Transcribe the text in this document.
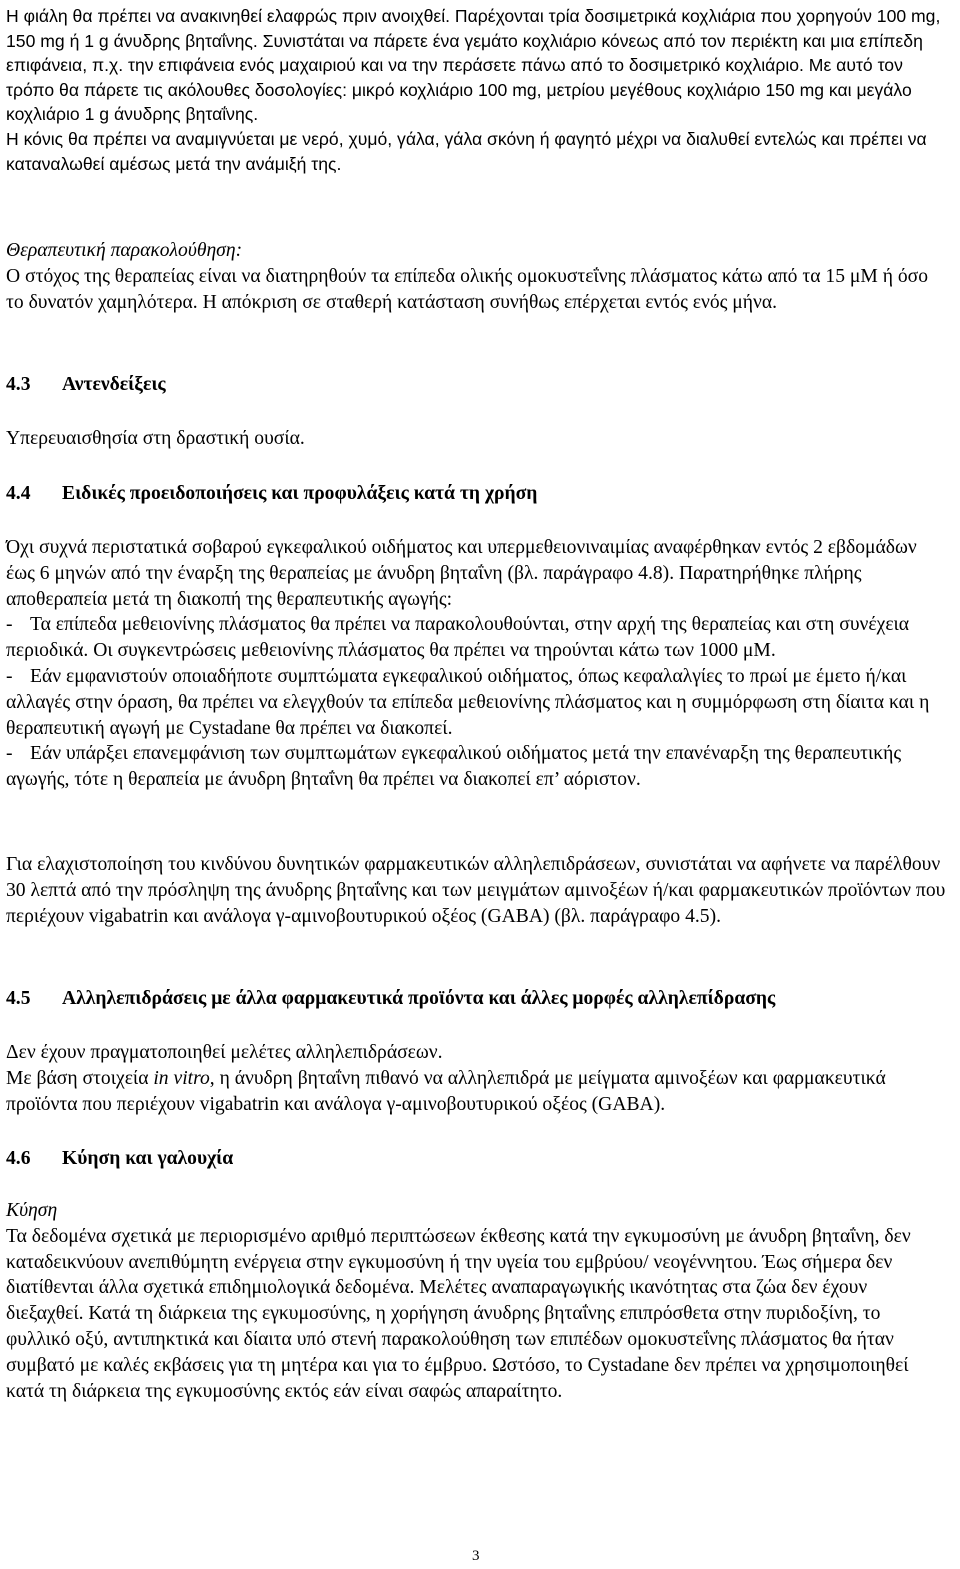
Η φιάλη θα πρέπει να ανακινηθεί ελαφρώς πριν ανοιχθεί. Παρέχονται τρία δοσιμετρικά κοχλιάρια που χορηγούν 100 mg, 150 mg ή 1 g άνυδρης βηταΐνης. Συνιστάται να πάρετε ένα γεμάτο κοχλιάριο κόνεως από τον περιέκτη και μια επίπεδη επιφάνεια, π.χ. την επιφάνεια ενός μαχαιριού και να την περάσετε πάνω από το δοσιμετρικό κοχλιάριο. Με αυτό τον τρόπο θα πάρετε τις ακόλουθες δοσολογίες: μικρό κοχλιάριο 100 mg, μετρίου μεγέθους κοχλιάριο 150 mg και μεγάλο κοχλιάριο 1 g άνυδρης βηταΐνης.

Η κόνις θα πρέπει να αναμιγνύεται με νερό, χυμό, γάλα, γάλα σκόνη ή φαγητό μέχρι να διαλυθεί εντελώς και πρέπει να καταναλωθεί αμέσως μετά την ανάμιξή της.

Θεραπευτική παρακολούθηση:

Ο στόχος της θεραπείας είναι να διατηρηθούν τα επίπεδα ολικής ομοκυστεΐνης πλάσματος κάτω από τα 15 μΜ ή όσο το δυνατόν χαμηλότερα. Η απόκριση σε σταθερή κατάσταση συνήθως επέρχεται εντός ενός μήνα.

4.3 Αντενδείξεις

Υπερευαισθησία στη δραστική ουσία.

4.4 Ειδικές προειδοποιήσεις και προφυλάξεις κατά τη χρήση

Όχι συχνά περιστατικά σοβαρού εγκεφαλικού οιδήματος και υπερμεθειονιναιμίας αναφέρθηκαν εντός 2 εβδομάδων έως 6 μηνών από την έναρξη της θεραπείας με άνυδρη βηταΐνη (βλ. παράγραφο 4.8). Παρατηρήθηκε πλήρης αποθεραπεία μετά τη διακοπή της θεραπευτικής αγωγής:

- Τα επίπεδα μεθειονίνης πλάσματος θα πρέπει να παρακολουθούνται, στην αρχή της θεραπείας και στη συνέχεια περιοδικά. Οι συγκεντρώσεις μεθειονίνης πλάσματος θα πρέπει να τηρούνται κάτω των 1000 μΜ.

- Εάν εμφανιστούν οποιαδήποτε συμπτώματα εγκεφαλικού οιδήματος, όπως κεφαλαλγίες το πρωί με έμετο ή/και αλλαγές στην όραση, θα πρέπει να ελεγχθούν τα επίπεδα μεθειονίνης πλάσματος και η συμμόρφωση στη δίαιτα και η θεραπευτική αγωγή με Cystadane θα πρέπει να διακοπεί.

- Εάν υπάρξει επανεμφάνιση των συμπτωμάτων εγκεφαλικού οιδήματος μετά την επανέναρξη της θεραπευτικής αγωγής, τότε η θεραπεία με άνυδρη βηταΐνη θα πρέπει να διακοπεί επ’ αόριστον.

Για ελαχιστοποίηση του κινδύνου δυνητικών φαρμακευτικών αλληλεπιδράσεων, συνιστάται να αφήνετε να παρέλθουν 30 λεπτά από την πρόσληψη της άνυδρης βηταΐνης και των μειγμάτων αμινοξέων ή/και φαρμακευτικών προϊόντων που περιέχουν vigabatrin και ανάλογα γ-αμινοβουτυρικού οξέος (GABA) (βλ. παράγραφο 4.5).

4.5 Αλληλεπιδράσεις με άλλα φαρμακευτικά προϊόντα και άλλες μορφές αλληλεπίδρασης

Δεν έχουν πραγματοποιηθεί μελέτες αλληλεπιδράσεων.

Με βάση στοιχεία in vitro, η άνυδρη βηταΐνη πιθανό να αλληλεπιδρά με μείγματα αμινοξέων και φαρμακευτικά προϊόντα που περιέχουν vigabatrin και ανάλογα γ-αμινοβουτυρικού οξέος (GABA).

4.6 Κύηση και γαλουχία

Κύηση

Τα δεδομένα σχετικά με περιορισμένο αριθμό περιπτώσεων έκθεσης κατά την εγκυμοσύνη με άνυδρη βηταΐνη, δεν καταδεικνύουν ανεπιθύμητη ενέργεια στην εγκυμοσύνη ή την υγεία του εμβρύου/ νεογέννητου. Έως σήμερα δεν διατίθενται άλλα σχετικά επιδημιολογικά δεδομένα. Μελέτες αναπαραγωγικής ικανότητας στα ζώα δεν έχουν διεξαχθεί. Κατά τη διάρκεια της εγκυμοσύνης, η χορήγηση άνυδρης βηταΐνης επιπρόσθετα στην πυριδοξίνη, το φυλλικό οξύ, αντιπηκτικά και δίαιτα υπό στενή παρακολούθηση των επιπέδων ομοκυστεΐνης πλάσματος θα ήταν συμβατό με καλές εκβάσεις για τη μητέρα και για το έμβρυο. Ωστόσο, το Cystadane δεν πρέπει να χρησιμοποιηθεί κατά τη διάρκεια της εγκυμοσύνης εκτός εάν είναι σαφώς απαραίτητο.

3
